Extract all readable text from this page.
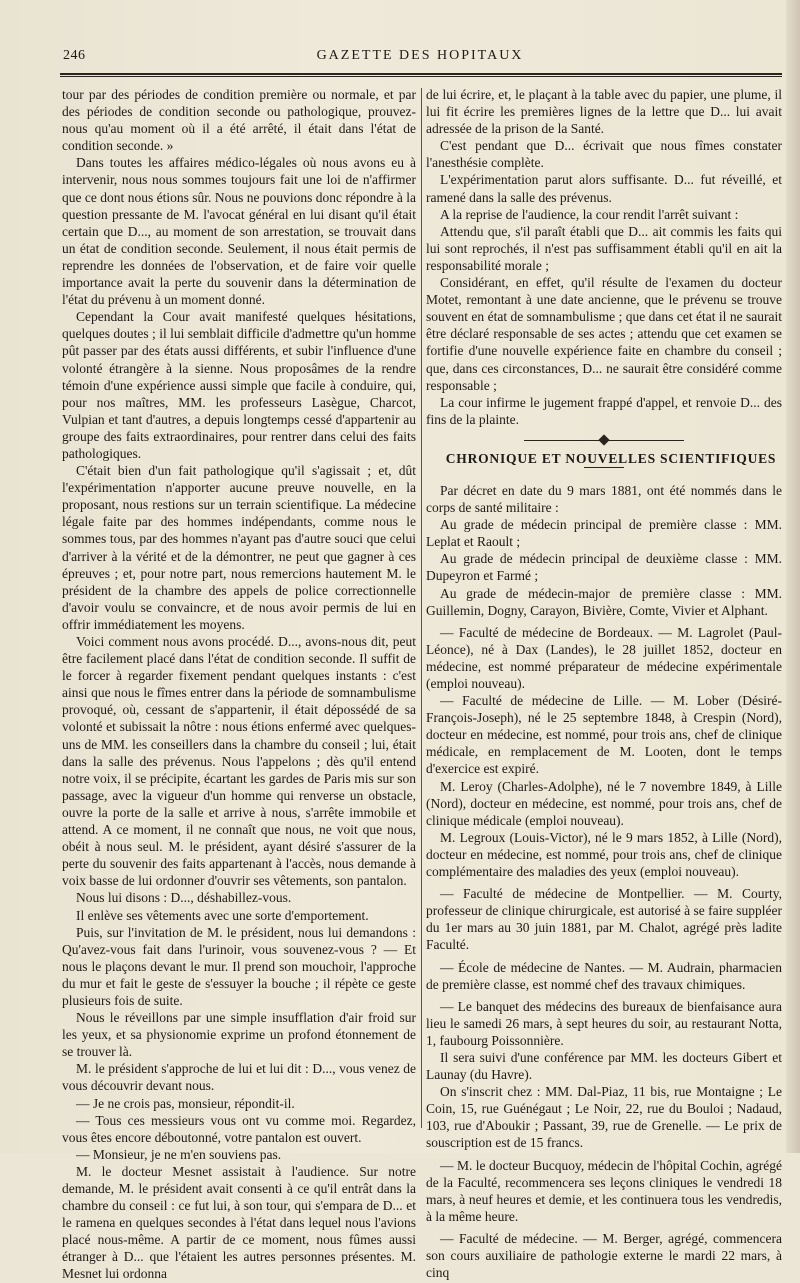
246	GAZETTE DES HOPITAUX

tour par des périodes de condition première ou normale, et par des périodes de condition seconde ou pathologique, prouvez-nous qu'au moment où il a été arrêté, il était dans l'état de condition seconde. »

Dans toutes les affaires médico-légales où nous avons eu à intervenir, nous nous sommes toujours fait une loi de n'affirmer que ce dont nous étions sûr. Nous ne pouvions donc répondre à la question pressante de M. l'avocat général en lui disant qu'il était certain que D..., au moment de son arrestation, se trouvait dans un état de condition seconde. Seulement, il nous était permis de reprendre les données de l'observation, et de faire voir quelle importance avait la perte du souvenir dans la détermination de l'état du prévenu à un moment donné.

Cependant la Cour avait manifesté quelques hésitations, quelques doutes ; il lui semblait difficile d'admettre qu'un homme pût passer par des états aussi différents, et subir l'influence d'une volonté étrangère à la sienne. Nous proposâmes de la rendre témoin d'une expérience aussi simple que facile à conduire, qui, pour nos maîtres, MM. les professeurs Lasègue, Charcot, Vulpian et tant d'autres, a depuis longtemps cessé d'appartenir au groupe des faits extraordinaires, pour rentrer dans celui des faits pathologiques.

C'était bien d'un fait pathologique qu'il s'agissait ; et, dût l'expérimentation n'apporter aucune preuve nouvelle, en la proposant, nous restions sur un terrain scientifique. La médecine légale faite par des hommes indépendants, comme nous le sommes tous, par des hommes n'ayant pas d'autre souci que celui d'arriver à la vérité et de la démontrer, ne peut que gagner à ces épreuves ; et, pour notre part, nous remercions hautement M. le président de la chambre des appels de police correctionnelle d'avoir voulu se convaincre, et de nous avoir permis de lui en offrir immédiatement les moyens.

Voici comment nous avons procédé. D..., avons-nous dit, peut être facilement placé dans l'état de condition seconde. Il suffit de le forcer à regarder fixement pendant quelques instants : c'est ainsi que nous le fîmes entrer dans la période de somnambulisme provoqué, où, cessant de s'appartenir, il était dépossédé de sa volonté et subissait la nôtre : nous étions enfermé avec quelques-uns de MM. les conseillers dans la chambre du conseil ; lui, était dans la salle des prévenus. Nous l'appelons ; dès qu'il entend notre voix, il se précipite, écartant les gardes de Paris mis sur son passage, avec la vigueur d'un homme qui renverse un obstacle, ouvre la porte de la salle et arrive à nous, s'arrête immobile et attend. A ce moment, il ne connaît que nous, ne voit que nous, obéit à nous seul. M. le président, ayant désiré s'assurer de la perte du souvenir des faits appartenant à l'accès, nous demande à voix basse de lui ordonner d'ouvrir ses vêtements, son pantalon.

Nous lui disons : D..., déshabillez-vous.

Il enlève ses vêtements avec une sorte d'emportement.

Puis, sur l'invitation de M. le président, nous lui demandons : Qu'avez-vous fait dans l'urinoir, vous souvenez-vous ? — Et nous le plaçons devant le mur. Il prend son mouchoir, l'approche du mur et fait le geste de s'essuyer la bouche ; il répète ce geste plusieurs fois de suite.

Nous le réveillons par une simple insufflation d'air froid sur les yeux, et sa physionomie exprime un profond étonnement de se trouver là.

M. le président s'approche de lui et lui dit : D..., vous venez de vous découvrir devant nous.

— Je ne crois pas, monsieur, répondit-il.

— Tous ces messieurs vous ont vu comme moi. Regardez, vous êtes encore déboutonné, votre pantalon est ouvert.

— Monsieur, je ne m'en souviens pas.

M. le docteur Mesnet assistait à l'audience. Sur notre demande, M. le président avait consenti à ce qu'il entrât dans la chambre du conseil : ce fut lui, à son tour, qui s'empara de D... et le ramena en quelques secondes à l'état dans lequel nous l'avions placé nous-même. A partir de ce moment, nous fûmes aussi étranger à D... que l'étaient les autres personnes présentes. M. Mesnet lui ordonna

de lui écrire, et, le plaçant à la table avec du papier, une plume, il lui fit écrire les premières lignes de la lettre que D... lui avait adressée de la prison de la Santé.

C'est pendant que D... écrivait que nous fîmes constater l'anesthésie complète.

L'expérimentation parut alors suffisante. D... fut réveillé, et ramené dans la salle des prévenus.

A la reprise de l'audience, la cour rendit l'arrêt suivant :

Attendu que, s'il paraît établi que D... ait commis les faits qui lui sont reprochés, il n'est pas suffisamment établi qu'il en ait la responsabilité morale ;

Considérant, en effet, qu'il résulte de l'examen du docteur Motet, remontant à une date ancienne, que le prévenu se trouve souvent en état de somnambulisme ; que dans cet état il ne saurait être déclaré responsable de ses actes ; attendu que cet examen se fortifie d'une nouvelle expérience faite en chambre du conseil ; que, dans ces circonstances, D... ne saurait être considéré comme responsable ;

La cour infirme le jugement frappé d'appel, et renvoie D... des fins de la plainte.

CHRONIQUE ET NOUVELLES SCIENTIFIQUES

Par décret en date du 9 mars 1881, ont été nommés dans le corps de santé militaire :

Au grade de médecin principal de première classe : MM. Leplat et Raoult ;

Au grade de médecin principal de deuxième classe : MM. Dupeyron et Farmé ;

Au grade de médecin-major de première classe : MM. Guillemin, Dogny, Carayon, Bivière, Comte, Vivier et Alphant.

— Faculté de médecine de Bordeaux. — M. Lagrolet (Paul-Léonce), né à Dax (Landes), le 28 juillet 1852, docteur en médecine, est nommé préparateur de médecine expérimentale (emploi nouveau).

— Faculté de médecine de Lille. — M. Lober (Désiré-François-Joseph), né le 25 septembre 1848, à Crespin (Nord), docteur en médecine, est nommé, pour trois ans, chef de clinique médicale, en remplacement de M. Looten, dont le temps d'exercice est expiré.

M. Leroy (Charles-Adolphe), né le 7 novembre 1849, à Lille (Nord), docteur en médecine, est nommé, pour trois ans, chef de clinique médicale (emploi nouveau).

M. Legroux (Louis-Victor), né le 9 mars 1852, à Lille (Nord), docteur en médecine, est nommé, pour trois ans, chef de clinique complémentaire des maladies des yeux (emploi nouveau).

— Faculté de médecine de Montpellier. — M. Courty, professeur de clinique chirurgicale, est autorisé à se faire suppléer du 1er mars au 30 juin 1881, par M. Chalot, agrégé près ladite Faculté.

— École de médecine de Nantes. — M. Audrain, pharmacien de première classe, est nommé chef des travaux chimiques.

— Le banquet des médecins des bureaux de bienfaisance aura lieu le samedi 26 mars, à sept heures du soir, au restaurant Notta, 1, faubourg Poissonnière.

Il sera suivi d'une conférence par MM. les docteurs Gibert et Launay (du Havre).

On s'inscrit chez : MM. Dal-Piaz, 11 bis, rue Montaigne ; Le Coin, 15, rue Guénégaut ; Le Noir, 22, rue du Bouloi ; Nadaud, 103, rue d'Aboukir ; Passant, 39, rue de Grenelle. — Le prix de souscription est de 15 francs.

— M. le docteur Bucquoy, médecin de l'hôpital Cochin, agrégé de la Faculté, recommencera ses leçons cliniques le vendredi 18 mars, à neuf heures et demie, et les continuera tous les vendredis, à la même heure.

— Faculté de médecine. — M. Berger, agrégé, commencera son cours auxiliaire de pathologie externe le mardi 22 mars, à cinq
